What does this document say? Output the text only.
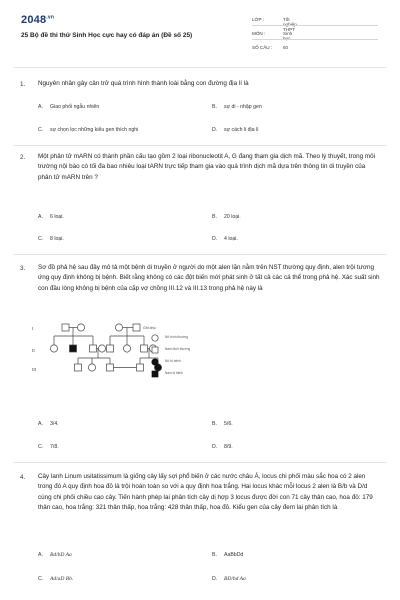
$2048^{.vn}$
25 Bộ đề thi thử Sinh Học cực hay có đáp án (Đề số 25)
LỚP :	Tốt nghiệp THPT
MÔN :	Sinh học
SỐ CÂU :	50
1. Nguyên nhân gây cản trở quá trình hình thành loài bằng con đường địa lí là
A. Giao phối ngẫu nhiên	B. sự di - nhập gen
C. sự chọn lọc những kiểu gen thích nghi	D. sự cách li địa lí
2. Một phân tử mARN có thành phần cấu tạo gồm 2 loại ribonucleotit A, G đang tham gia dịch mã. Theo lý thuyết, trong môi trường nội bào có tối đa bao nhiêu loại tARN trực tiếp tham gia vào quá trình dịch mã dựa trên thông tin di truyền của phân tử mARN trên ?
A. 6 loại.	B. 20 loại.
C. 8 loại.	D. 4 loại.
3. Sơ đồ phả hệ sau đây mô tả một bệnh di truyền ở người do một alen lặn nằm trên NST thường quy định, alen trội tương ứng quy định không bị bệnh. Biết rằng không có các đột biến mới phát sinh ở tất cả các cá thể trong phả hệ. Xác suất sinh con đầu lòng không bị bệnh của cặp vợ chồng III.12 và III.13 trong phả hệ này là
I
II
III
Ghi chú:
Nữ bình thường
Nam bình thường
Nữ bị bệnh
Nam bị bệnh
A. 3/4.	B. 5/6.
C. 7/8.	D. 8/9.
4. Cây lanh Linum usitatissimum là giống cây lấy sợi phổ biến ở các nước châu Á, locus chi phối màu sắc hoa có 2 alen trong đó A quy định hoa đỏ là trội hoàn toàn so với a quy định hoa trắng. Hai locus khác mỗi locus 2 alen là B/b và D/d cùng chi phối chiều cao cây. Tiến hành phép lai phân tích cây dị hợp 3 locus được đời con 71 cây thân cao, hoa đỏ: 179 thân cao, hoa trắng: 321 thân thấp, hoa trắng: 428 thân thấp, hoa đỏ. Kiểu gen của cây đem lai phân tích là
A. Bd/bD Aa	B. AaBbDd
C. Ad/aD Bb.	D. BD/bd Aa
